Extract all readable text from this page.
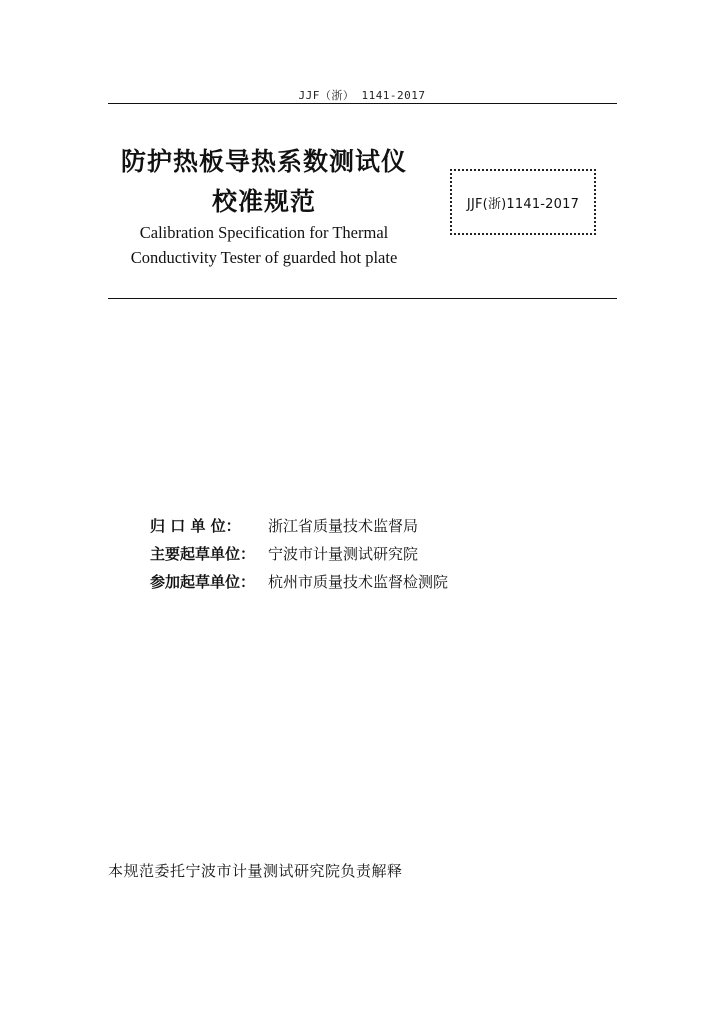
JJF（浙） 1141-2017
防护热板导热系数测试仪
校准规范
Calibration Specification for Thermal
Conductivity Tester of guarded hot plate
JJF(浙)1141-2017
归 口 单 位： 浙江省质量技术监督局
主要起草单位： 宁波市计量测试研究院
参加起草单位： 杭州市质量技术监督检测院
本规范委托宁波市计量测试研究院负责解释
